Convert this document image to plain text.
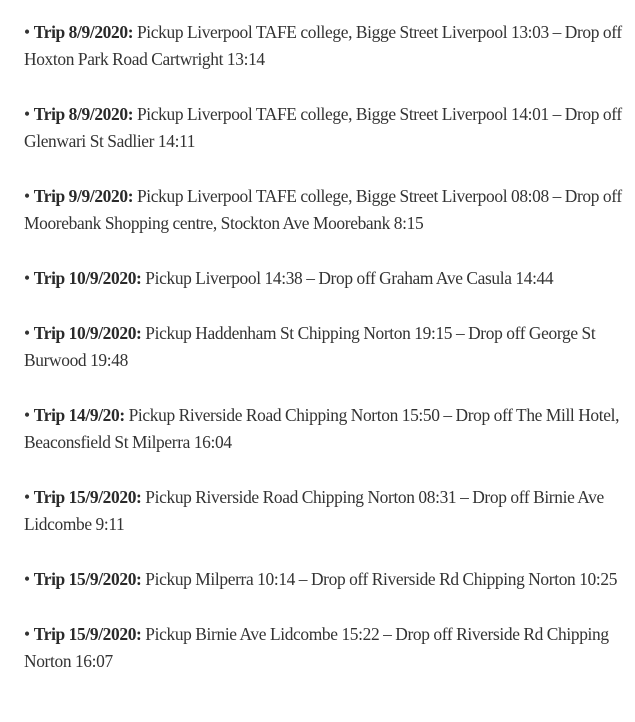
• Trip 8/9/2020: Pickup Liverpool TAFE college, Bigge Street Liverpool 13:03 – Drop off Hoxton Park Road Cartwright 13:14

• Trip 8/9/2020: Pickup Liverpool TAFE college, Bigge Street Liverpool 14:01 – Drop off Glenwari St Sadlier 14:11

• Trip 9/9/2020: Pickup Liverpool TAFE college, Bigge Street Liverpool 08:08 – Drop off Moorebank Shopping centre, Stockton Ave Moorebank 8:15

• Trip 10/9/2020: Pickup Liverpool 14:38 – Drop off Graham Ave Casula 14:44

• Trip 10/9/2020: Pickup Haddenham St Chipping Norton 19:15 – Drop off George St Burwood 19:48

• Trip 14/9/20: Pickup Riverside Road Chipping Norton 15:50 – Drop off The Mill Hotel, Beaconsfield St Milperra 16:04

• Trip 15/9/2020: Pickup Riverside Road Chipping Norton 08:31 – Drop off Birnie Ave Lidcombe 9:11

• Trip 15/9/2020: Pickup Milperra 10:14 – Drop off Riverside Rd Chipping Norton 10:25

• Trip 15/9/2020: Pickup Birnie Ave Lidcombe 15:22 – Drop off Riverside Rd Chipping Norton 16:07
